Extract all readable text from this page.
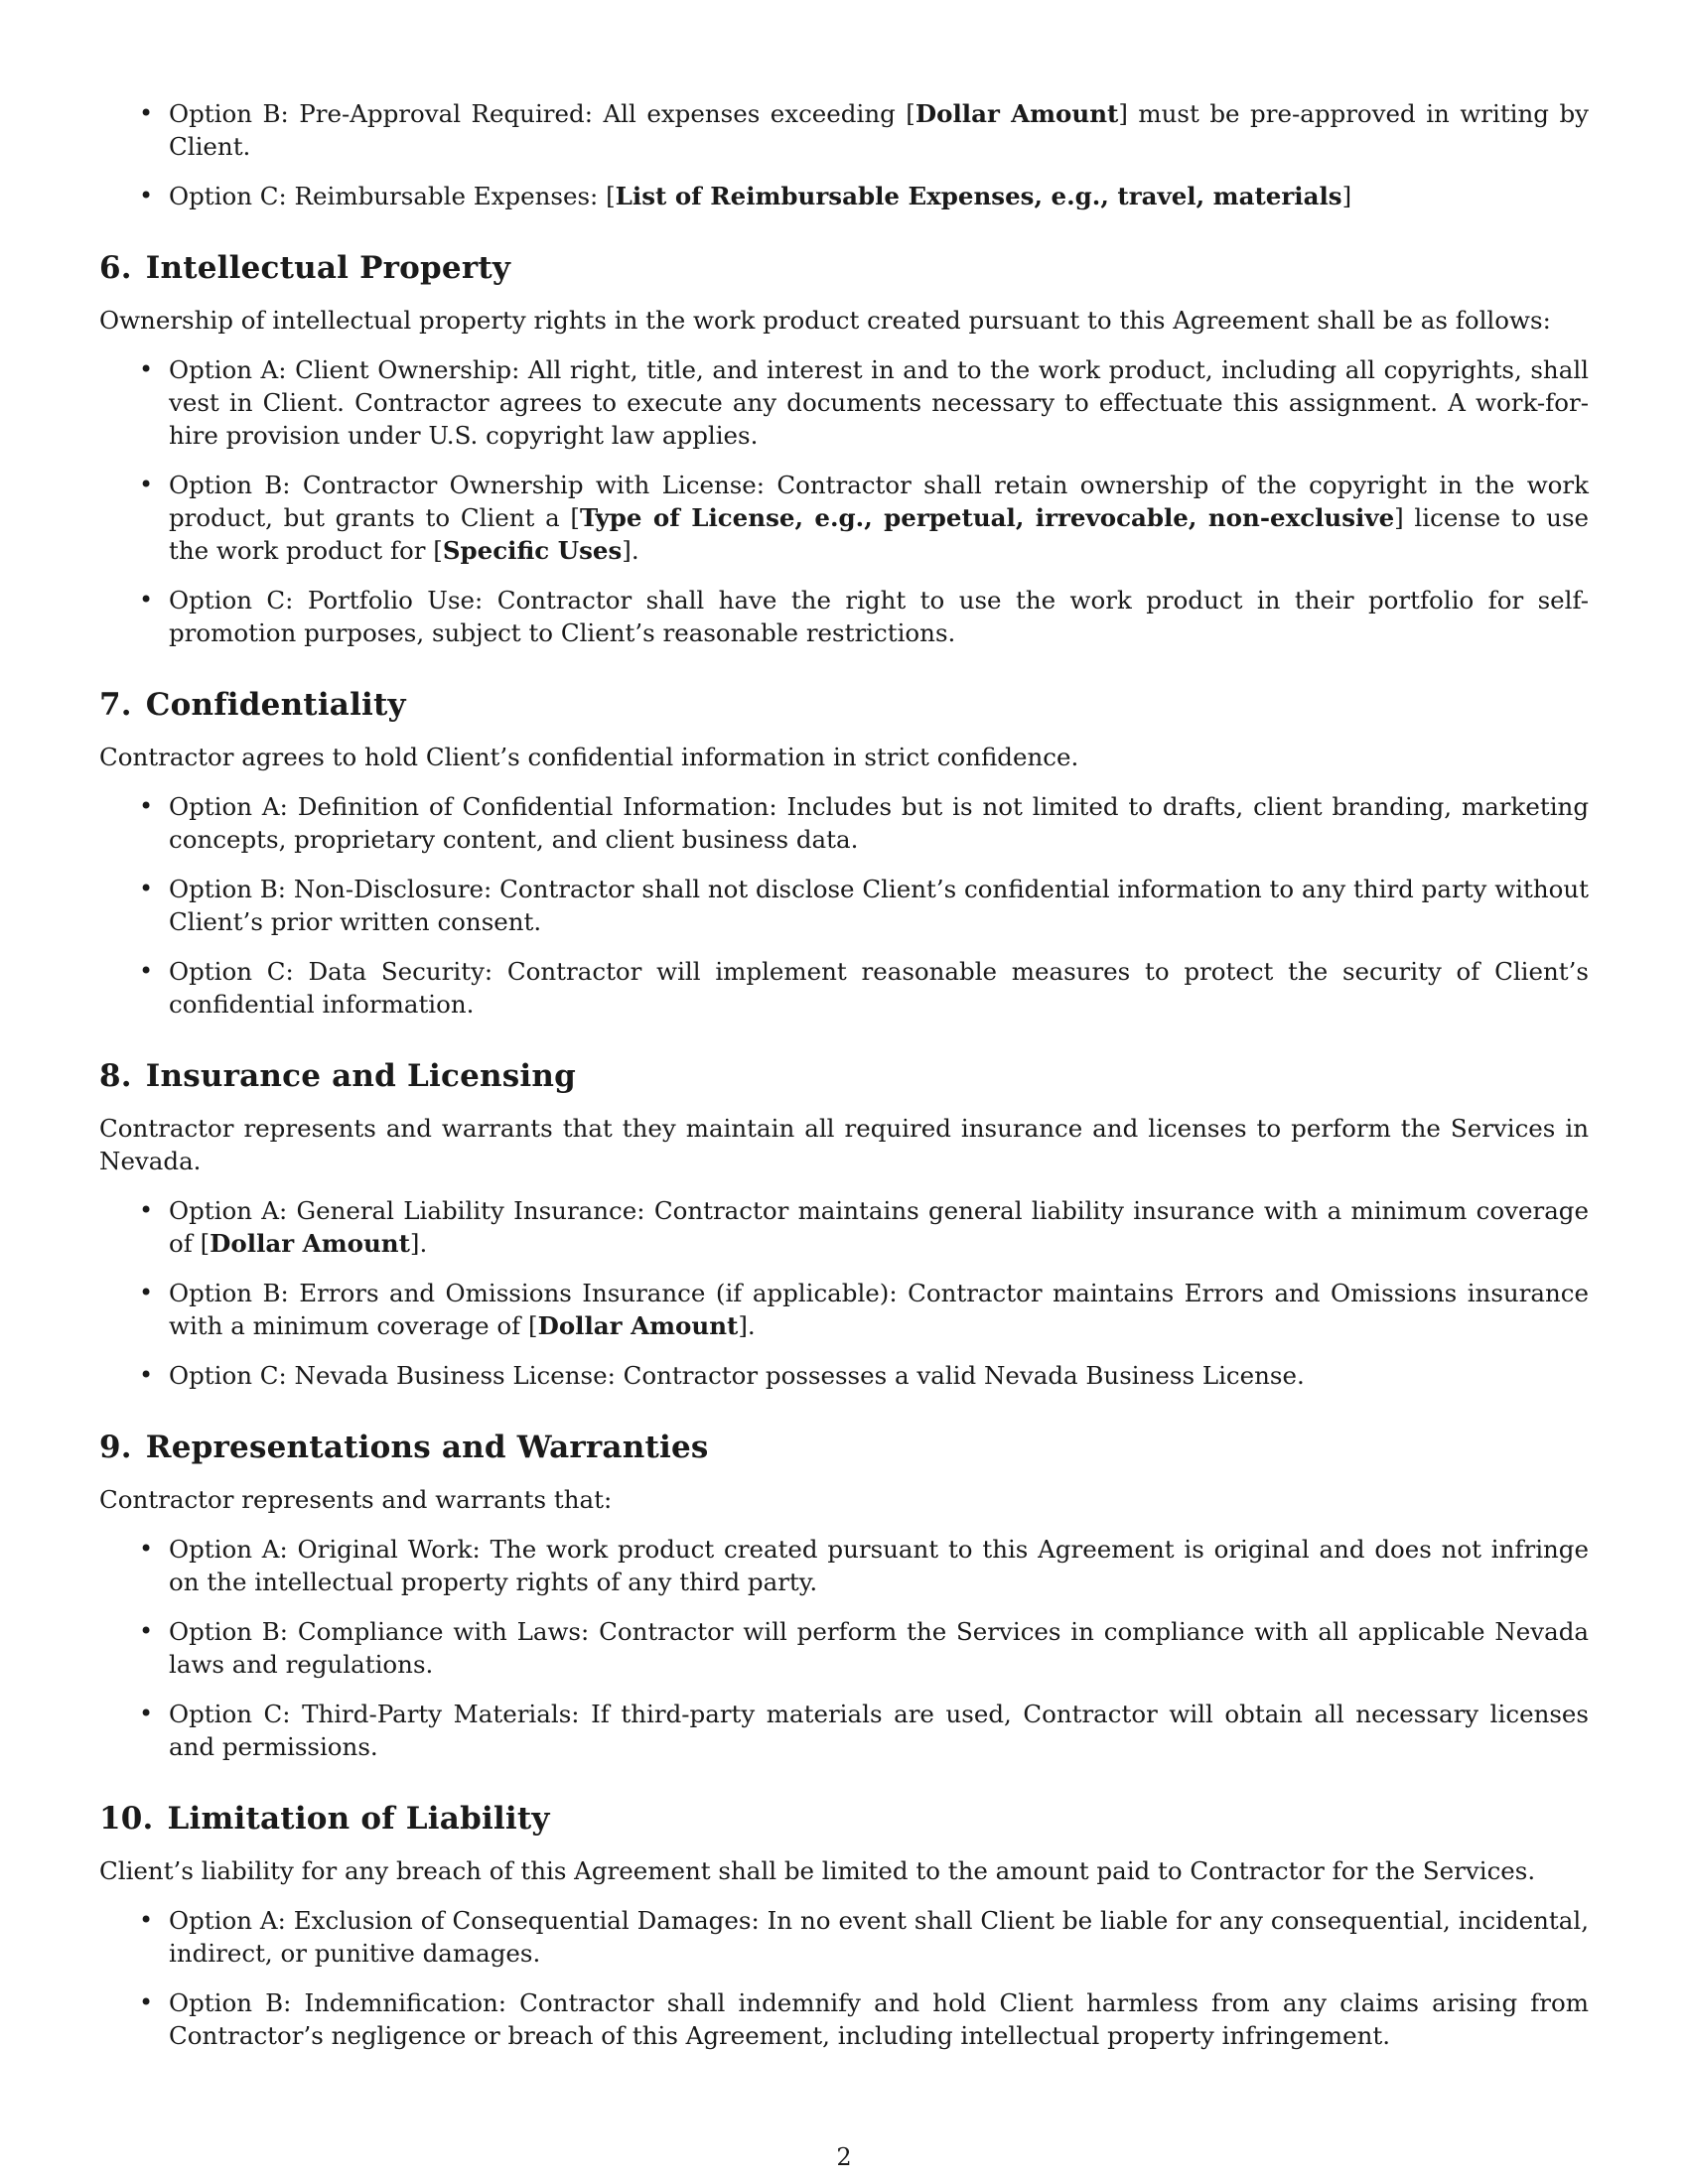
• Option B: Pre-Approval Required: All expenses exceeding [Dollar Amount] must be pre-approved in writing by Client.
• Option C: Reimbursable Expenses: [List of Reimbursable Expenses, e.g., travel, materials]
6. Intellectual Property

Ownership of intellectual property rights in the work product created pursuant to this Agreement shall be as follows:

• Option A: Client Ownership: All right, title, and interest in and to the work product, including all copyrights, shall vest in Client. Contractor agrees to execute any documents necessary to effectuate this assignment. A work-for-hire provision under U.S. copyright law applies.
• Option B: Contractor Ownership with License: Contractor shall retain ownership of the copyright in the work product, but grants to Client a [Type of License, e.g., perpetual, irrevocable, non-exclusive] license to use the work product for [Specific Uses].
• Option C: Portfolio Use: Contractor shall have the right to use the work product in their portfolio for self-promotion purposes, subject to Client’s reasonable restrictions.
7. Confidentiality

Contractor agrees to hold Client’s confidential information in strict confidence.

• Option A: Definition of Confidential Information: Includes but is not limited to drafts, client branding, marketing concepts, proprietary content, and client business data.
• Option B: Non-Disclosure: Contractor shall not disclose Client’s confidential information to any third party without Client’s prior written consent.
• Option C: Data Security: Contractor will implement reasonable measures to protect the security of Client’s confidential information.
8. Insurance and Licensing

Contractor represents and warrants that they maintain all required insurance and licenses to perform the Services in Nevada.

• Option A: General Liability Insurance: Contractor maintains general liability insurance with a minimum coverage of [Dollar Amount].
• Option B: Errors and Omissions Insurance (if applicable): Contractor maintains Errors and Omissions insurance with a minimum coverage of [Dollar Amount].
• Option C: Nevada Business License: Contractor possesses a valid Nevada Business License.
9. Representations and Warranties

Contractor represents and warrants that:

• Option A: Original Work: The work product created pursuant to this Agreement is original and does not infringe on the intellectual property rights of any third party.
• Option B: Compliance with Laws: Contractor will perform the Services in compliance with all applicable Nevada laws and regulations.
• Option C: Third-Party Materials: If third-party materials are used, Contractor will obtain all necessary licenses and permissions.
10. Limitation of Liability

Client’s liability for any breach of this Agreement shall be limited to the amount paid to Contractor for the Services.

• Option A: Exclusion of Consequential Damages: In no event shall Client be liable for any consequential, incidental, indirect, or punitive damages.
• Option B: Indemnification: Contractor shall indemnify and hold Client harmless from any claims arising from Contractor’s negligence or breach of this Agreement, including intellectual property infringement.
2
